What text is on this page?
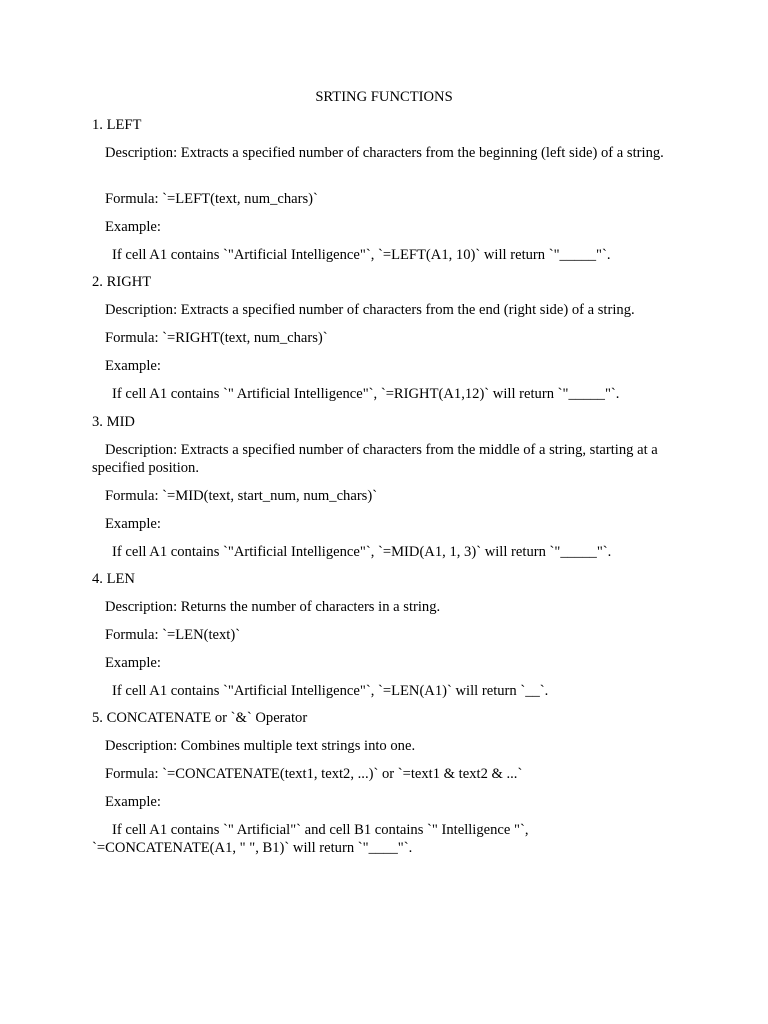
SRTING FUNCTIONS
1. LEFT
Description: Extracts a specified number of characters from the beginning (left side) of a string.
Formula: `=LEFT(text, num_chars)`
Example:
If cell A1 contains `"Artificial Intelligence"`, `=LEFT(A1, 10)` will return `"_____"`.
2. RIGHT
Description: Extracts a specified number of characters from the end (right side) of a string.
Formula: `=RIGHT(text, num_chars)`
Example:
If cell A1 contains `" Artificial Intelligence"`, `=RIGHT(A1,12)` will return `"_____"`.
3. MID
Description: Extracts a specified number of characters from the middle of a string, starting at a specified position.
Formula: `=MID(text, start_num, num_chars)`
Example:
If cell A1 contains `"Artificial Intelligence"`, `=MID(A1, 1, 3)` will return `"_____"`.
4. LEN
Description: Returns the number of characters in a string.
Formula: `=LEN(text)`
Example:
If cell A1 contains `"Artificial Intelligence"`, `=LEN(A1)` will return `__`.
5. CONCATENATE or `&` Operator
Description: Combines multiple text strings into one.
Formula: `=CONCATENATE(text1, text2, ...)` or `=text1 & text2 & ...`
Example:
If cell A1 contains `" Artificial"` and cell B1 contains `" Intelligence "`, `=CONCATENATE(A1, " ", B1)` will return `"____"`.
